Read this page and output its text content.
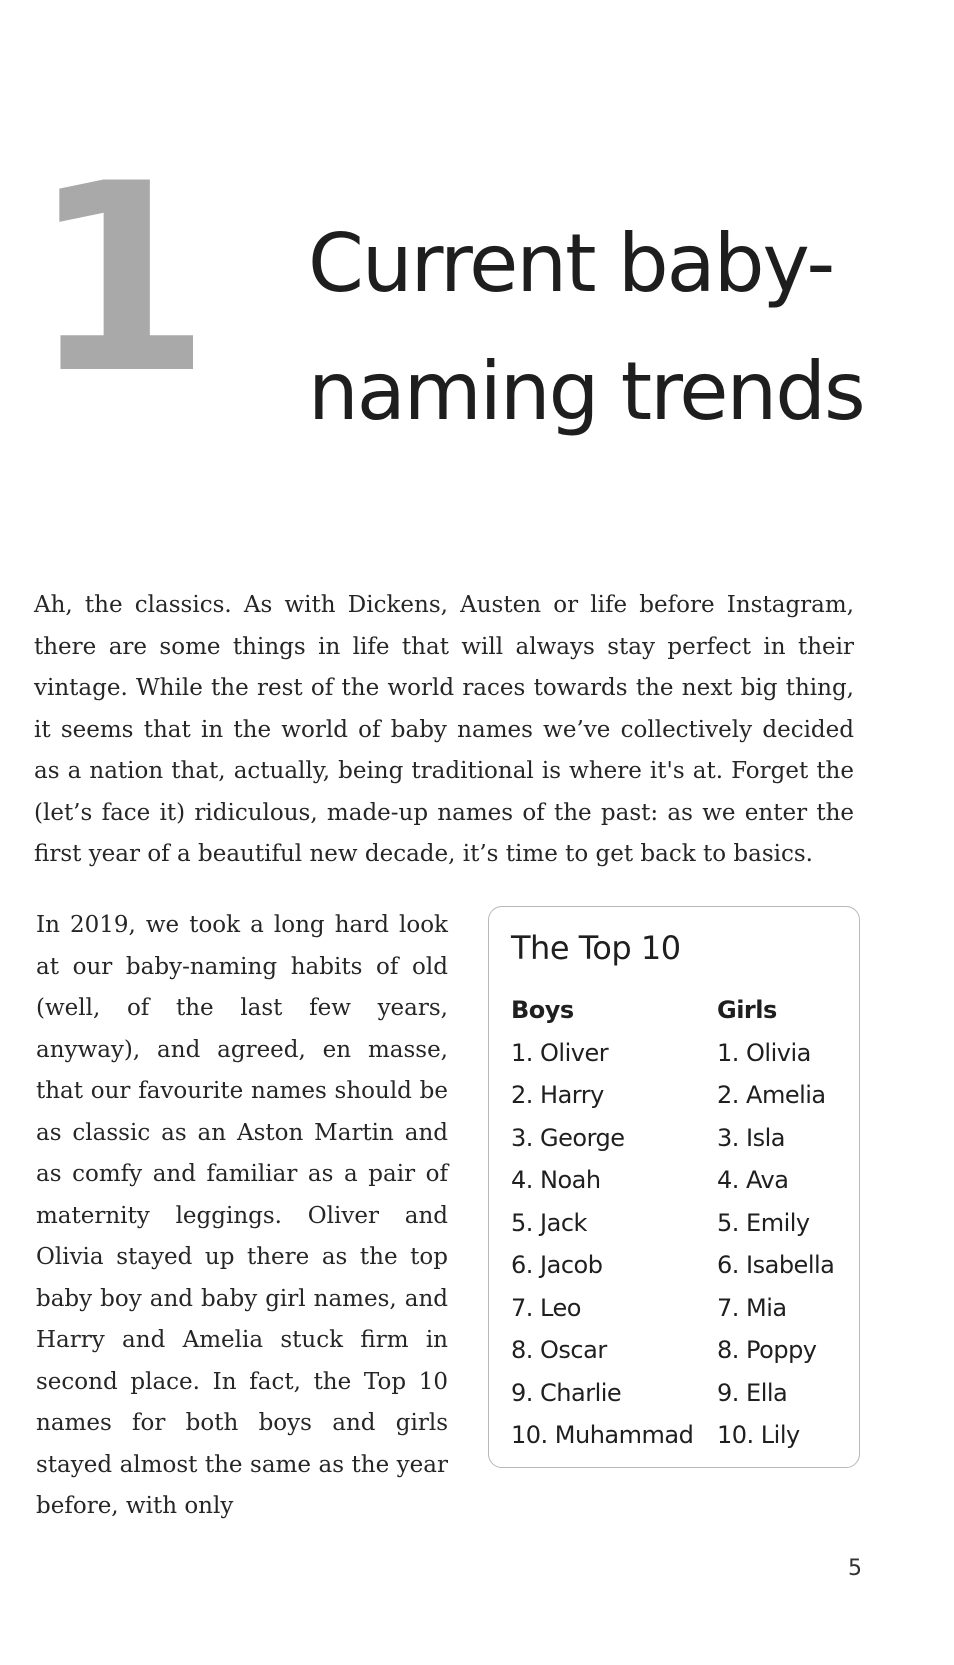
1 Current baby-
naming trends

Ah, the classics. As with Dickens, Austen or life before Instagram, there are some things in life that will always stay perfect in their vintage. While the rest of the world races towards the next big thing, it seems that in the world of baby names we’ve collectively decided as a nation that, actually, being traditional is where it's at. Forget the (let’s face it) ridiculous, made-up names of the past: as we enter the first year of a beautiful new decade, it’s time to get back to basics.

In 2019, we took a long hard look at our baby-naming habits of old (well, of the last few years, anyway), and agreed, en masse, that our favourite names should be as classic as an Aston Martin and as comfy and familiar as a pair of maternity leggings. Oliver and Olivia stayed up there as the top baby boy and baby girl names, and Harry and Amelia stuck firm in second place. In fact, the Top 10 names for both boys and girls stayed almost the same as the year before, with only

The Top 10
Boys
1. Oliver
2. Harry
3. George
4. Noah
5. Jack
6. Jacob
7. Leo
8. Oscar
9. Charlie
10. Muhammad
Girls
1. Olivia
2. Amelia
3. Isla
4. Ava
5. Emily
6. Isabella
7. Mia
8. Poppy
9. Ella
10. Lily
5
